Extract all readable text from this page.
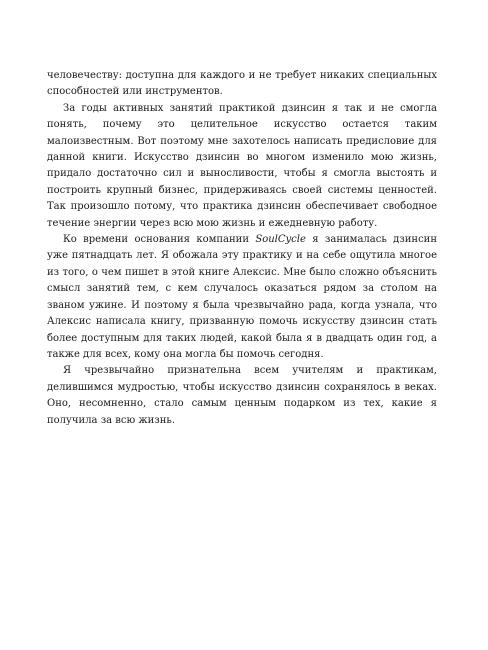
человечеству: доступна для каждого и не требует никаких специальных способностей или инструментов.

За годы активных занятий практикой дзинсин я так и не смогла понять, почему это целительное искусство остается таким малоизвестным. Вот поэтому мне захотелось написать предисловие для данной книги. Искусство дзинсин во многом изменило мою жизнь, придало достаточно сил и выносливости, чтобы я смогла выстоять и построить крупный бизнес, придерживаясь своей системы ценностей. Так произошло потому, что практика дзинсин обеспечивает свободное течение энергии через всю мою жизнь и ежедневную работу.

Ко времени основания компании SoulCycle я занималась дзинсин уже пятнадцать лет. Я обожала эту практику и на себе ощутила многое из того, о чем пишет в этой книге Алексис. Мне было сложно объяснить смысл занятий тем, с кем случалось оказаться рядом за столом на званом ужине. И поэтому я была чрезвычайно рада, когда узнала, что Алексис написала книгу, призванную помочь искусству дзинсин стать более доступным для таких людей, какой была я в двадцать один год, а также для всех, кому она могла бы помочь сегодня.

Я чрезвычайно признательна всем учителям и практикам, делившимся мудростью, чтобы искусство дзинсин сохранялось в веках. Оно, несомненно, стало самым ценным подарком из тех, какие я получила за всю жизнь.
